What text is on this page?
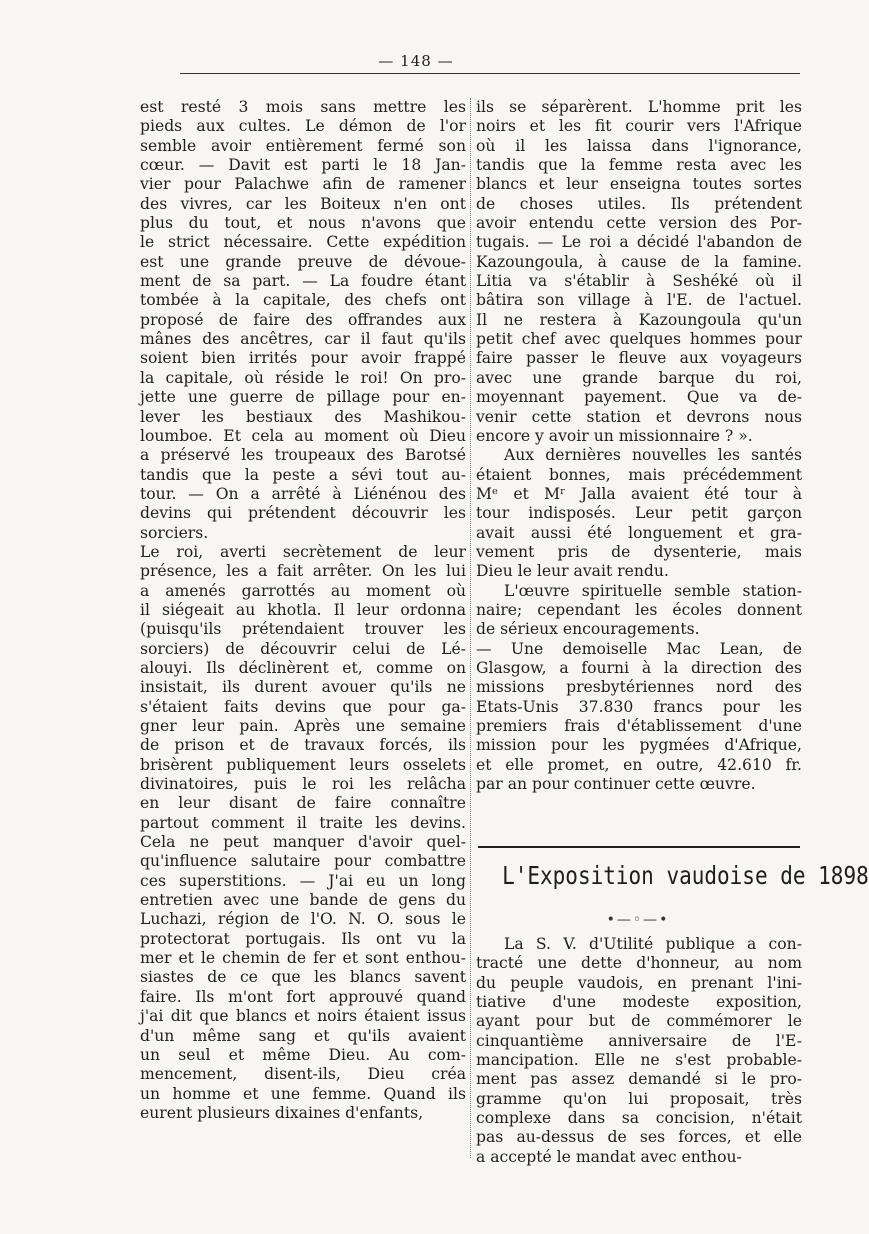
— 148 —
est resté 3 mois sans mettre les
pieds aux cultes. Le démon de l'or
semble avoir entièrement fermé son
cœur. — Davit est parti le 18 Jan-
vier pour Palachwe afin de ramener
des vivres, car les Boiteux n'en ont
plus du tout, et nous n'avons que
le strict nécessaire. Cette expédition
est une grande preuve de dévoue-
ment de sa part. — La foudre étant
tombée à la capitale, des chefs ont
proposé de faire des offrandes aux
mânes des ancêtres, car il faut qu'ils
soient bien irrités pour avoir frappé
la capitale, où réside le roi! On pro-
jette une guerre de pillage pour en-
lever les bestiaux des Mashikou-
loumboe. Et cela au moment où Dieu
a préservé les troupeaux des Barotsé
tandis que la peste a sévi tout au-
tour. — On a arrêté à Liénénou des
devins qui prétendent découvrir les
sorciers.
Le roi, averti secrètement de leur
présence, les a fait arrêter. On les lui
a amenés garrottés au moment où
il siégeait au khotla. Il leur ordonna
(puisqu'ils prétendaient trouver les
sorciers) de découvrir celui de Lé-
alouyi. Ils déclinèrent et, comme on
insistait, ils durent avouer qu'ils ne
s'étaient faits devins que pour ga-
gner leur pain. Après une semaine
de prison et de travaux forcés, ils
brisèrent publiquement leurs osselets
divinatoires, puis le roi les relâcha
en leur disant de faire connaître
partout comment il traite les devins.
Cela ne peut manquer d'avoir quel-
qu'influence salutaire pour combattre
ces superstitions. — J'ai eu un long
entretien avec une bande de gens du
Luchazi, région de l'O. N. O. sous le
protectorat portugais. Ils ont vu la
mer et le chemin de fer et sont enthou-
siastes de ce que les blancs savent
faire. Ils m'ont fort approuvé quand
j'ai dit que blancs et noirs étaient issus
d'un même sang et qu'ils avaient
un seul et même Dieu. Au com-
mencement, disent-ils, Dieu créa
un homme et une femme. Quand ils
eurent plusieurs dixaines d'enfants,
ils se séparèrent. L'homme prit les
noirs et les fit courir vers l'Afrique
où il les laissa dans l'ignorance,
tandis que la femme resta avec les
blancs et leur enseigna toutes sortes
de choses utiles. Ils prétendent
avoir entendu cette version des Por-
tugais. — Le roi a décidé l'abandon de
Kazoungoula, à cause de la famine.
Litia va s'établir à Seshéké où il
bâtira son village à l'E. de l'actuel.
Il ne restera à Kazoungoula qu'un
petit chef avec quelques hommes pour
faire passer le fleuve aux voyageurs
avec une grande barque du roi,
moyennant payement. Que va de-
venir cette station et devrons nous
encore y avoir un missionnaire ? ».
Aux dernières nouvelles les santés
étaient bonnes, mais précédemment
Mᵉ et Mʳ Jalla avaient été tour à
tour indisposés. Leur petit garçon
avait aussi été longuement et gra-
vement pris de dysenterie, mais
Dieu le leur avait rendu.
L'œuvre spirituelle semble station-
naire; cependant les écoles donnent
de sérieux encouragements.
— Une demoiselle Mac Lean, de
Glasgow, a fourni à la direction des
missions presbytériennes nord des
Etats-Unis 37.830 francs pour les
premiers frais d'établissement d'une
mission pour les pygmées d'Afrique,
et elle promet, en outre, 42.610 fr.
par an pour continuer cette œuvre.
L'Exposition vaudoise de 1898
•—◦—•
La S. V. d'Utilité publique a con-
tracté une dette d'honneur, au nom
du peuple vaudois, en prenant l'ini-
tiative d'une modeste exposition,
ayant pour but de commémorer le
cinquantième anniversaire de l'E-
mancipation. Elle ne s'est probable-
ment pas assez demandé si le pro-
gramme qu'on lui proposait, très
complexe dans sa concision, n'était
pas au-dessus de ses forces, et elle
a accepté le mandat avec enthou-
